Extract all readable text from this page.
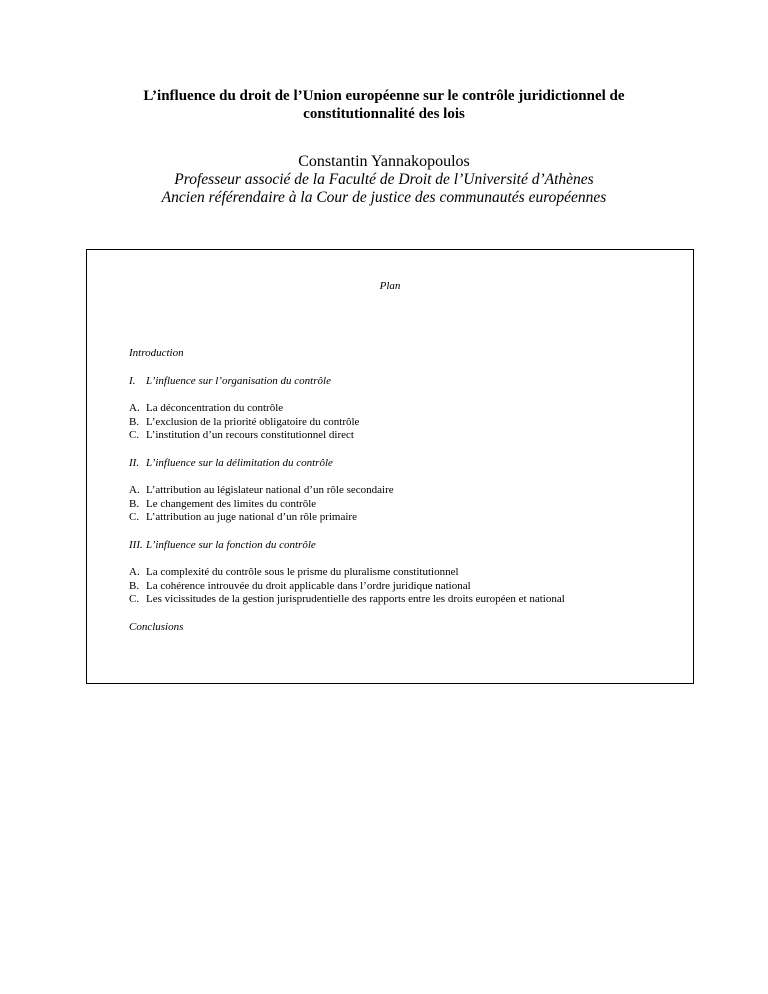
L’influence du droit de l’Union européenne sur le contrôle juridictionnel de
constitutionnalité des lois
Constantin Yannakopoulos
Professeur associé de la Faculté de Droit de l’Université d’Athènes
Ancien référendaire à la Cour de justice des communautés européennes
Plan
Introduction
I. L’influence sur l’organisation du contrôle
A. La déconcentration du contrôle
B. L’exclusion de la priorité obligatoire du contrôle
C. L’institution d’un recours constitutionnel direct
II. L’influence sur la délimitation du contrôle
A. L’attribution au législateur national d’un rôle secondaire
B. Le changement des limites du contrôle
C. L’attribution au juge national d’un rôle primaire
III. L’influence sur la fonction du contrôle
A. La complexité du contrôle sous le prisme du pluralisme constitutionnel
B. La cohérence introuvée du droit applicable dans l’ordre juridique national
C. Les vicissitudes de la gestion jurisprudentielle des rapports entre les droits européen et national
Conclusions
